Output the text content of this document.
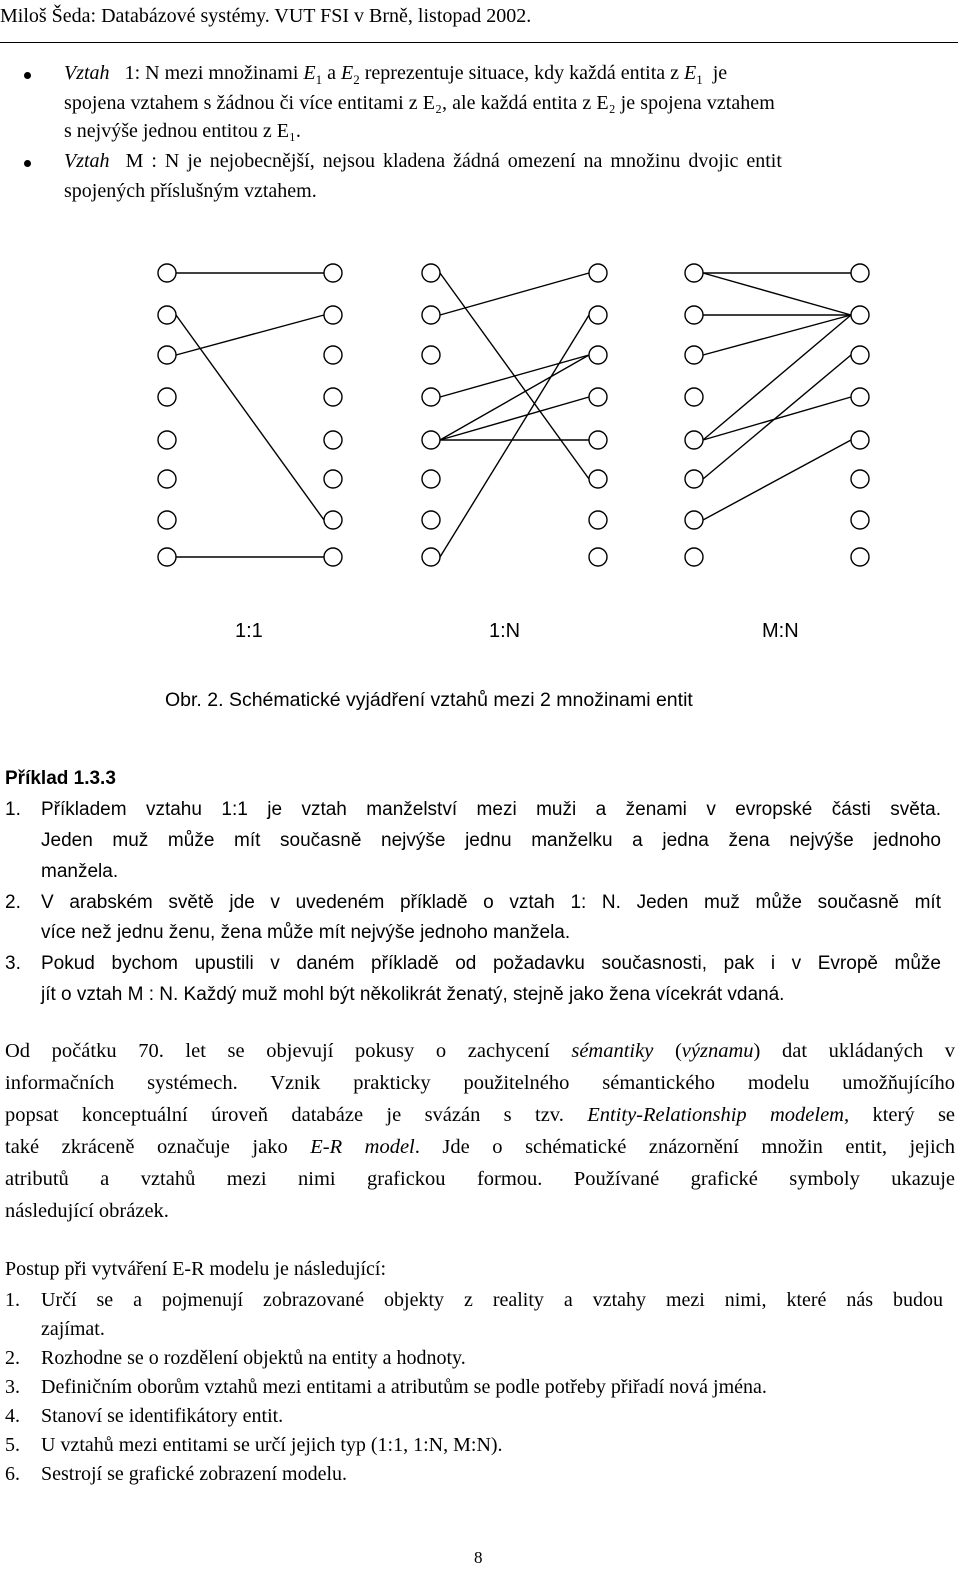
Miloš Šeda: Databázové systémy. VUT FSI v Brně, listopad 2002.
Vztah 1: N mezi množinami $E_1$ a $E_2$ reprezentuje situace, kdy každá entita z $E_1$ je
spojena vztahem s žádnou či více entitami z E₂, ale každá entita z E₂ je spojena vztahem
s nejvýše jednou entitou z E₁.
Vztah M : N je nejobecnější, nejsou kladena žádná omezení na množinu dvojic entit
spojených příslušným vztahem.
1:1	1:N	M:N
Obr. 2. Schématické vyjádření vztahů mezi 2 množinami entit
Příklad 1.3.3
1. Příkladem vztahu 1:1 je vztah manželství mezi muži a ženami v evropské části světa.
Jeden muž může mít současně nejvýše jednu manželku a jedna žena nejvýše jednoho
manžela.
2. V arabském světě jde v uvedeném příkladě o vztah 1: N. Jeden muž může současně mít
více než jednu ženu, žena může mít nejvýše jednoho manžela.
3. Pokud bychom upustili v daném příkladě od požadavku současnosti, pak i v Evropě může
jít o vztah M : N. Každý muž mohl být několikrát ženatý, stejně jako žena vícekrát vdaná.
Od počátku 70. let se objevují pokusy o zachycení sémantiky (významu) dat ukládaných v
informačních systémech. Vznik prakticky použitelného sémantického modelu umožňujícího
popsat konceptuální úroveň databáze je svázán s tzv. Entity-Relationship modelem, který se
také zkráceně označuje jako E-R model. Jde o schématické znázornění množin entit, jejich
atributů a vztahů mezi nimi grafickou formou. Používané grafické symboly ukazuje
následující obrázek.
Postup při vytváření E-R modelu je následující:
1. Určí se a pojmenují zobrazované objekty z reality a vztahy mezi nimi, které nás budou
zajímat.
2. Rozhodne se o rozdělení objektů na entity a hodnoty.
3. Definičním oborům vztahů mezi entitami a atributům se podle potřeby přiřadí nová jména.
4. Stanoví se identifikátory entit.
5. U vztahů mezi entitami se určí jejich typ (1:1, 1:N, M:N).
6. Sestrojí se grafické zobrazení modelu.
8
